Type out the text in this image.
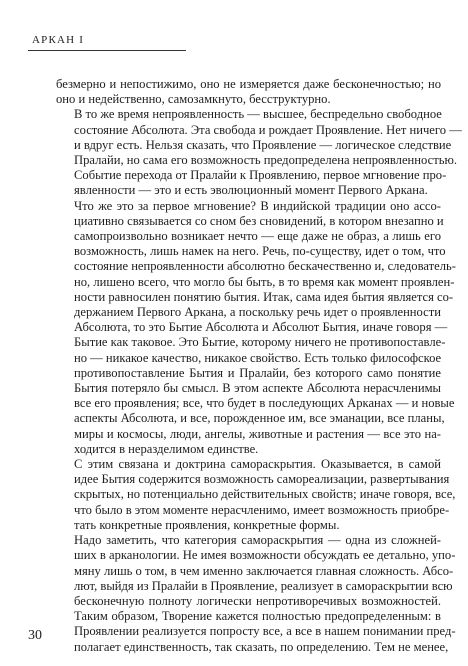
АРКАН I

безмерно и непостижимо, оно не измеряется даже бесконечностью; но
оно и недейственно, самозамкнуто, бесструктурно.

В то же время непроявленность — высшее, беспредельно свободное
состояние Абсолюта. Эта свобода и рождает Проявление. Нет ничего —
и вдруг есть. Нельзя сказать, что Проявление — логическое следствие
Пралайи, но сама его возможность предопределена непроявленностью.
Событие перехода от Пралайи к Проявлению, первое мгновение про-
явленности — это и есть эволюционный момент Первого Аркана.

Что же это за первое мгновение? В индийской традиции оно ассо-
циативно связывается со сном без сновидений, в котором внезапно и
самопроизвольно возникает нечто — еще даже не образ, а лишь его
возможность, лишь намек на него. Речь, по-существу, идет о том, что
состояние непроявленности абсолютно бескачественно и, следователь-
но, лишено всего, что могло бы быть, в то время как момент проявлен-
ности равносилен понятию бытия. Итак, сама идея бытия является со-
держанием Первого Аркана, а поскольку речь идет о проявленности
Абсолюта, то это Бытие Абсолюта и Абсолют Бытия, иначе говоря —
Бытие как таковое. Это Бытие, которому ничего не противопоставле-
но — никакое качество, никакое свойство. Есть только философское
противопоставление Бытия и Пралайи, без которого само понятие
Бытия потеряло бы смысл. В этом аспекте Абсолюта нерасчленимы
все его проявления; все, что будет в последующих Арканах — и новые
аспекты Абсолюта, и все, порожденное им, все эманации, все планы,
миры и космосы, люди, ангелы, животные и растения — все это на-
ходится в неразделимом единстве.

С этим связана и доктрина самораскрытия. Оказывается, в самой
идее Бытия содержится возможность самореализации, развертывания
скрытых, но потенциально действительных свойств; иначе говоря, все,
что было в этом моменте нерасчленимо, имеет возможность приобре-
тать конкретные проявления, конкретные формы.

Надо заметить, что категория самораскрытия — одна из сложней-
ших в арканологии. Не имея возможности обсуждать ее детально, упо-
мяну лишь о том, в чем именно заключается главная сложность. Абсо-
лют, выйдя из Пралайи в Проявление, реализует в самораскрытии всю
бесконечную полноту логически непротиворечивых возможностей.
Таким образом, Творение кажется полностью предопределенным: в
Проявлении реализуется попросту все, а все в нашем понимании пред-
полагает единственность, так сказать, по определению. Тем не менее,

30
